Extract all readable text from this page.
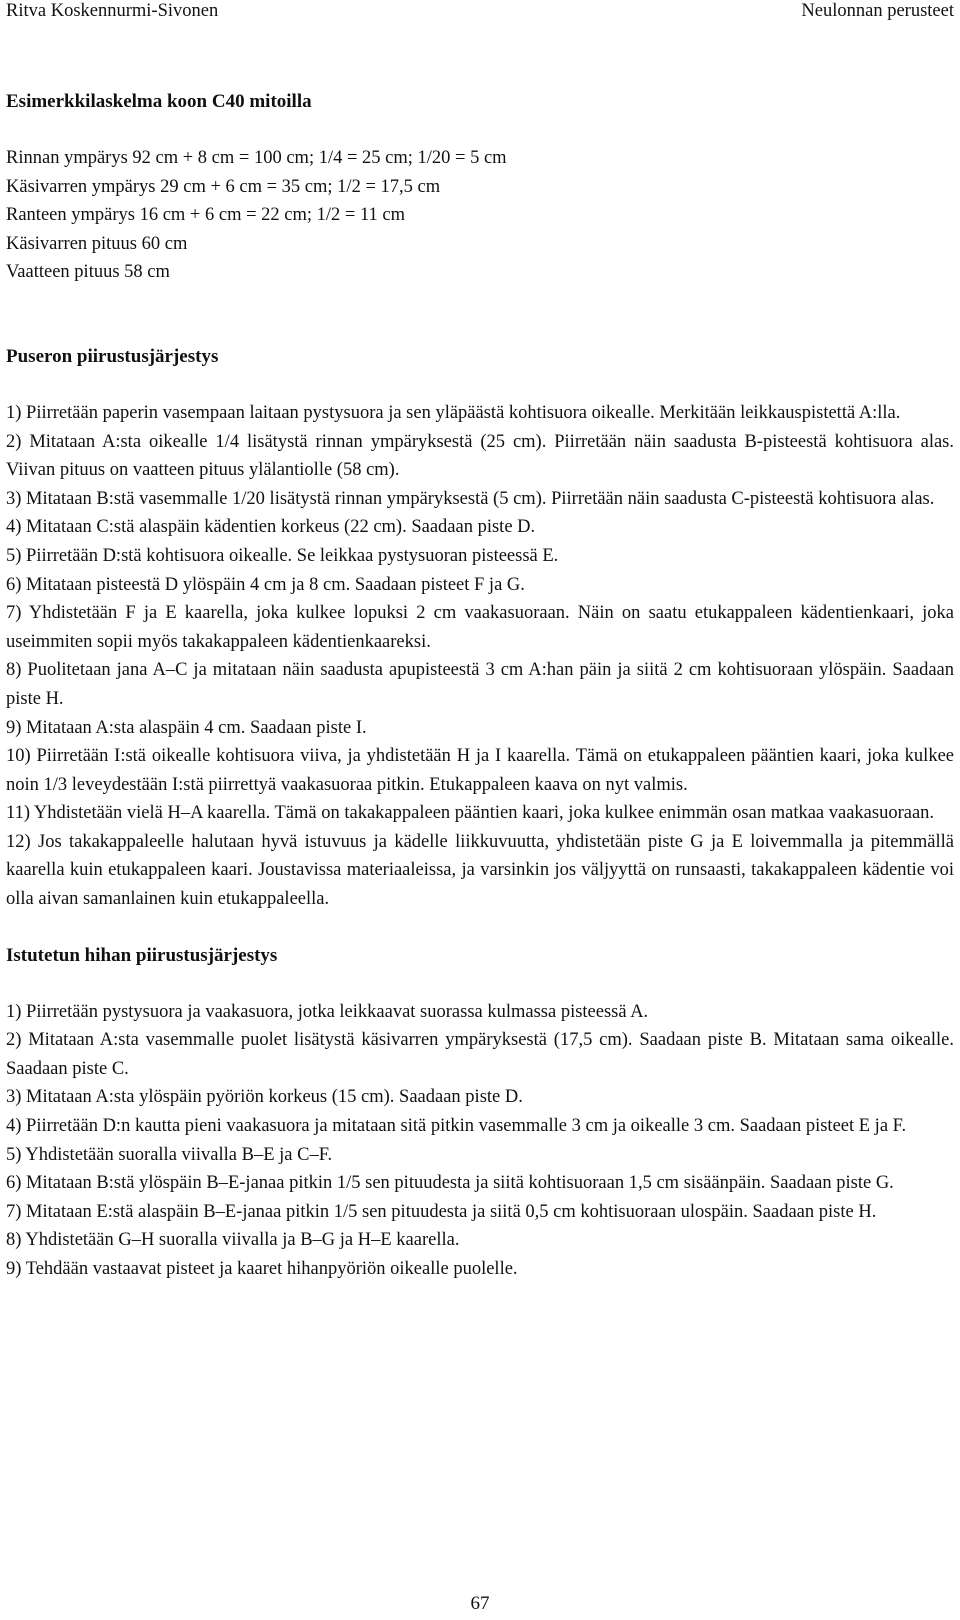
Ritva Koskennurmi-Sivonen	Neulonnan perusteet
Esimerkkilaskelma koon C40 mitoilla

Rinnan ympärys 92 cm + 8 cm = 100 cm; 1/4 = 25 cm; 1/20 = 5 cm

Käsivarren ympärys 29 cm + 6 cm = 35 cm; 1/2 = 17,5 cm

Ranteen ympärys 16 cm + 6 cm = 22 cm; 1/2 = 11 cm

Käsivarren pituus 60 cm

Vaatteen pituus 58 cm

Puseron piirustusjärjestys

1) Piirretään paperin vasempaan laitaan pystysuora ja sen yläpäästä kohtisuora oikealle. Merkitään leikkauspistettä A:lla.

2) Mitataan A:sta oikealle 1/4 lisätystä rinnan ympäryksestä (25 cm). Piirretään näin saadusta B-pisteestä kohtisuora alas. Viivan pituus on vaatteen pituus ylälantiolle (58 cm).

3) Mitataan B:stä vasemmalle 1/20 lisätystä rinnan ympäryksestä (5 cm). Piirretään näin saadusta C-pisteestä kohtisuora alas.

4) Mitataan C:stä alaspäin kädentien korkeus (22 cm). Saadaan piste D.

5) Piirretään D:stä kohtisuora oikealle. Se leikkaa pystysuoran pisteessä E.

6) Mitataan pisteestä D ylöspäin 4 cm ja 8 cm. Saadaan pisteet F ja G.

7) Yhdistetään F ja E kaarella, joka kulkee lopuksi 2 cm vaakasuoraan. Näin on saatu etukappaleen kädentienkaari, joka useimmiten sopii myös takakappaleen kädentienkaareksi.

8) Puolitetaan jana A–C ja mitataan näin saadusta apupisteestä 3 cm A:han päin ja siitä 2 cm kohtisuoraan ylöspäin. Saadaan piste H.

9) Mitataan A:sta alaspäin 4 cm. Saadaan piste I.

10) Piirretään I:stä oikealle kohtisuora viiva, ja yhdistetään H ja I kaarella. Tämä on etukappaleen pääntien kaari, joka kulkee noin 1/3 leveydestään I:stä piirrettyä vaakasuoraa pitkin. Etukappaleen kaava on nyt valmis.

11) Yhdistetään vielä H–A kaarella. Tämä on takakappaleen pääntien kaari, joka kulkee enimmän osan matkaa vaakasuoraan.

12) Jos takakappaleelle halutaan hyvä istuvuus ja kädelle liikkuvuutta, yhdistetään piste G ja E loivemmalla ja pitemmällä kaarella kuin etukappaleen kaari. Joustavissa materiaaleissa, ja varsinkin jos väljyyttä on runsaasti, takakappaleen kädentie voi olla aivan samanlainen kuin etukappaleella.

Istutetun hihan piirustusjärjestys

1) Piirretään pystysuora ja vaakasuora, jotka leikkaavat suorassa kulmassa pisteessä A.

2) Mitataan A:sta vasemmalle puolet lisätystä käsivarren ympäryksestä (17,5 cm). Saadaan piste B. Mitataan sama oikealle. Saadaan piste C.

3) Mitataan A:sta ylöspäin pyöriön korkeus (15 cm). Saadaan piste D.

4) Piirretään D:n kautta pieni vaakasuora ja mitataan sitä pitkin vasemmalle 3 cm ja oikealle 3 cm. Saadaan pisteet E ja F.

5) Yhdistetään suoralla viivalla B–E ja C–F.

6) Mitataan B:stä ylöspäin B–E-janaa pitkin 1/5 sen pituudesta ja siitä kohtisuoraan 1,5 cm sisäänpäin. Saadaan piste G.

7) Mitataan E:stä alaspäin B–E-janaa pitkin 1/5 sen pituudesta ja siitä 0,5 cm kohtisuoraan ulospäin. Saadaan piste H.

8) Yhdistetään G–H suoralla viivalla ja B–G ja H–E kaarella.

9) Tehdään vastaavat pisteet ja kaaret hihanpyöriön oikealle puolelle.

67
